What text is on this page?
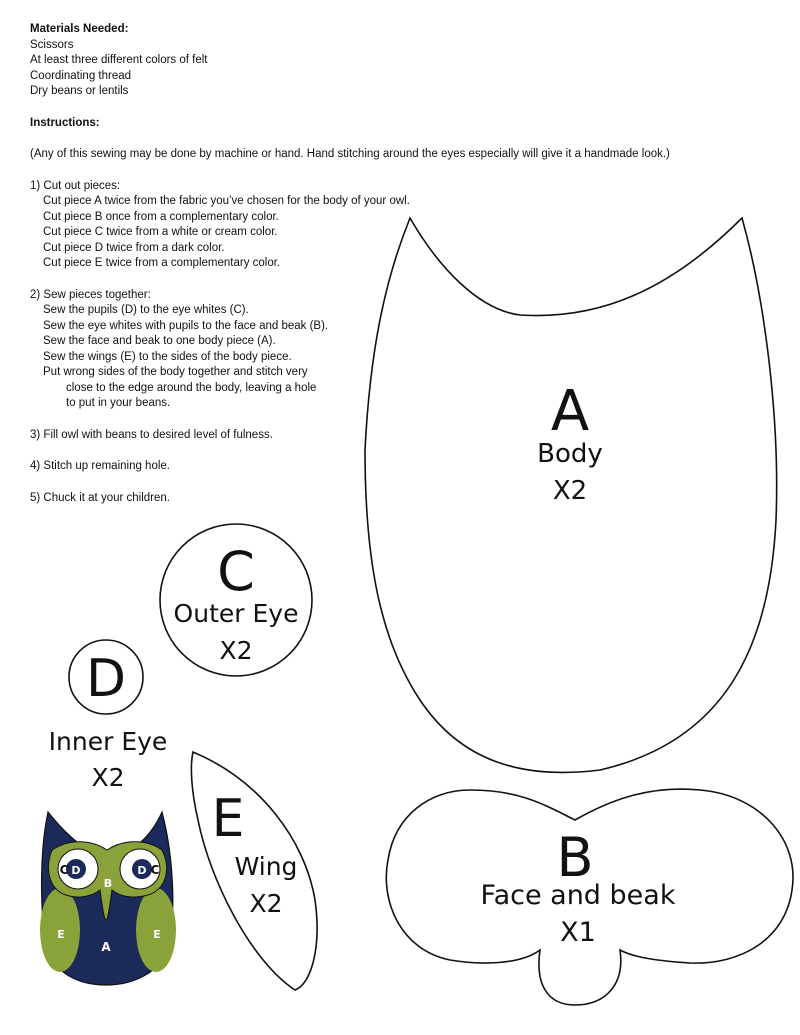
Materials Needed:

Scissors

At least three different colors of felt

Coordinating thread

Dry beans or lentils

Instructions:

(Any of this sewing may be done by machine or hand. Hand stitching around the eyes especially will give it a handmade look.)

1) Cut out pieces:

Cut piece A twice from the fabric you’ve chosen for the body of your owl.

Cut piece B once from a complementary color.

Cut piece C twice from a white or cream color.

Cut piece D twice from a dark color.

Cut piece E twice from a complementary color.

2) Sew pieces together:

Sew the pupils (D) to the eye whites (C).

Sew the eye whites with pupils to the face and beak (B).

Sew the face and beak to one body piece (A).

Sew the wings (E) to the sides of the body piece.

Put wrong sides of the body together and stitch very

close to the edge around the body, leaving a hole

to put in your beans.

3) Fill owl with beans to desired level of fulness.

4) Stitch up remaining hole.

5) Chuck it at your children.

A
Body
X2
B
Face and beak
X1
C
Outer Eye
X2
D
Inner Eye
X2
E
Wing
X2
C D	D C
B
E	E
A
